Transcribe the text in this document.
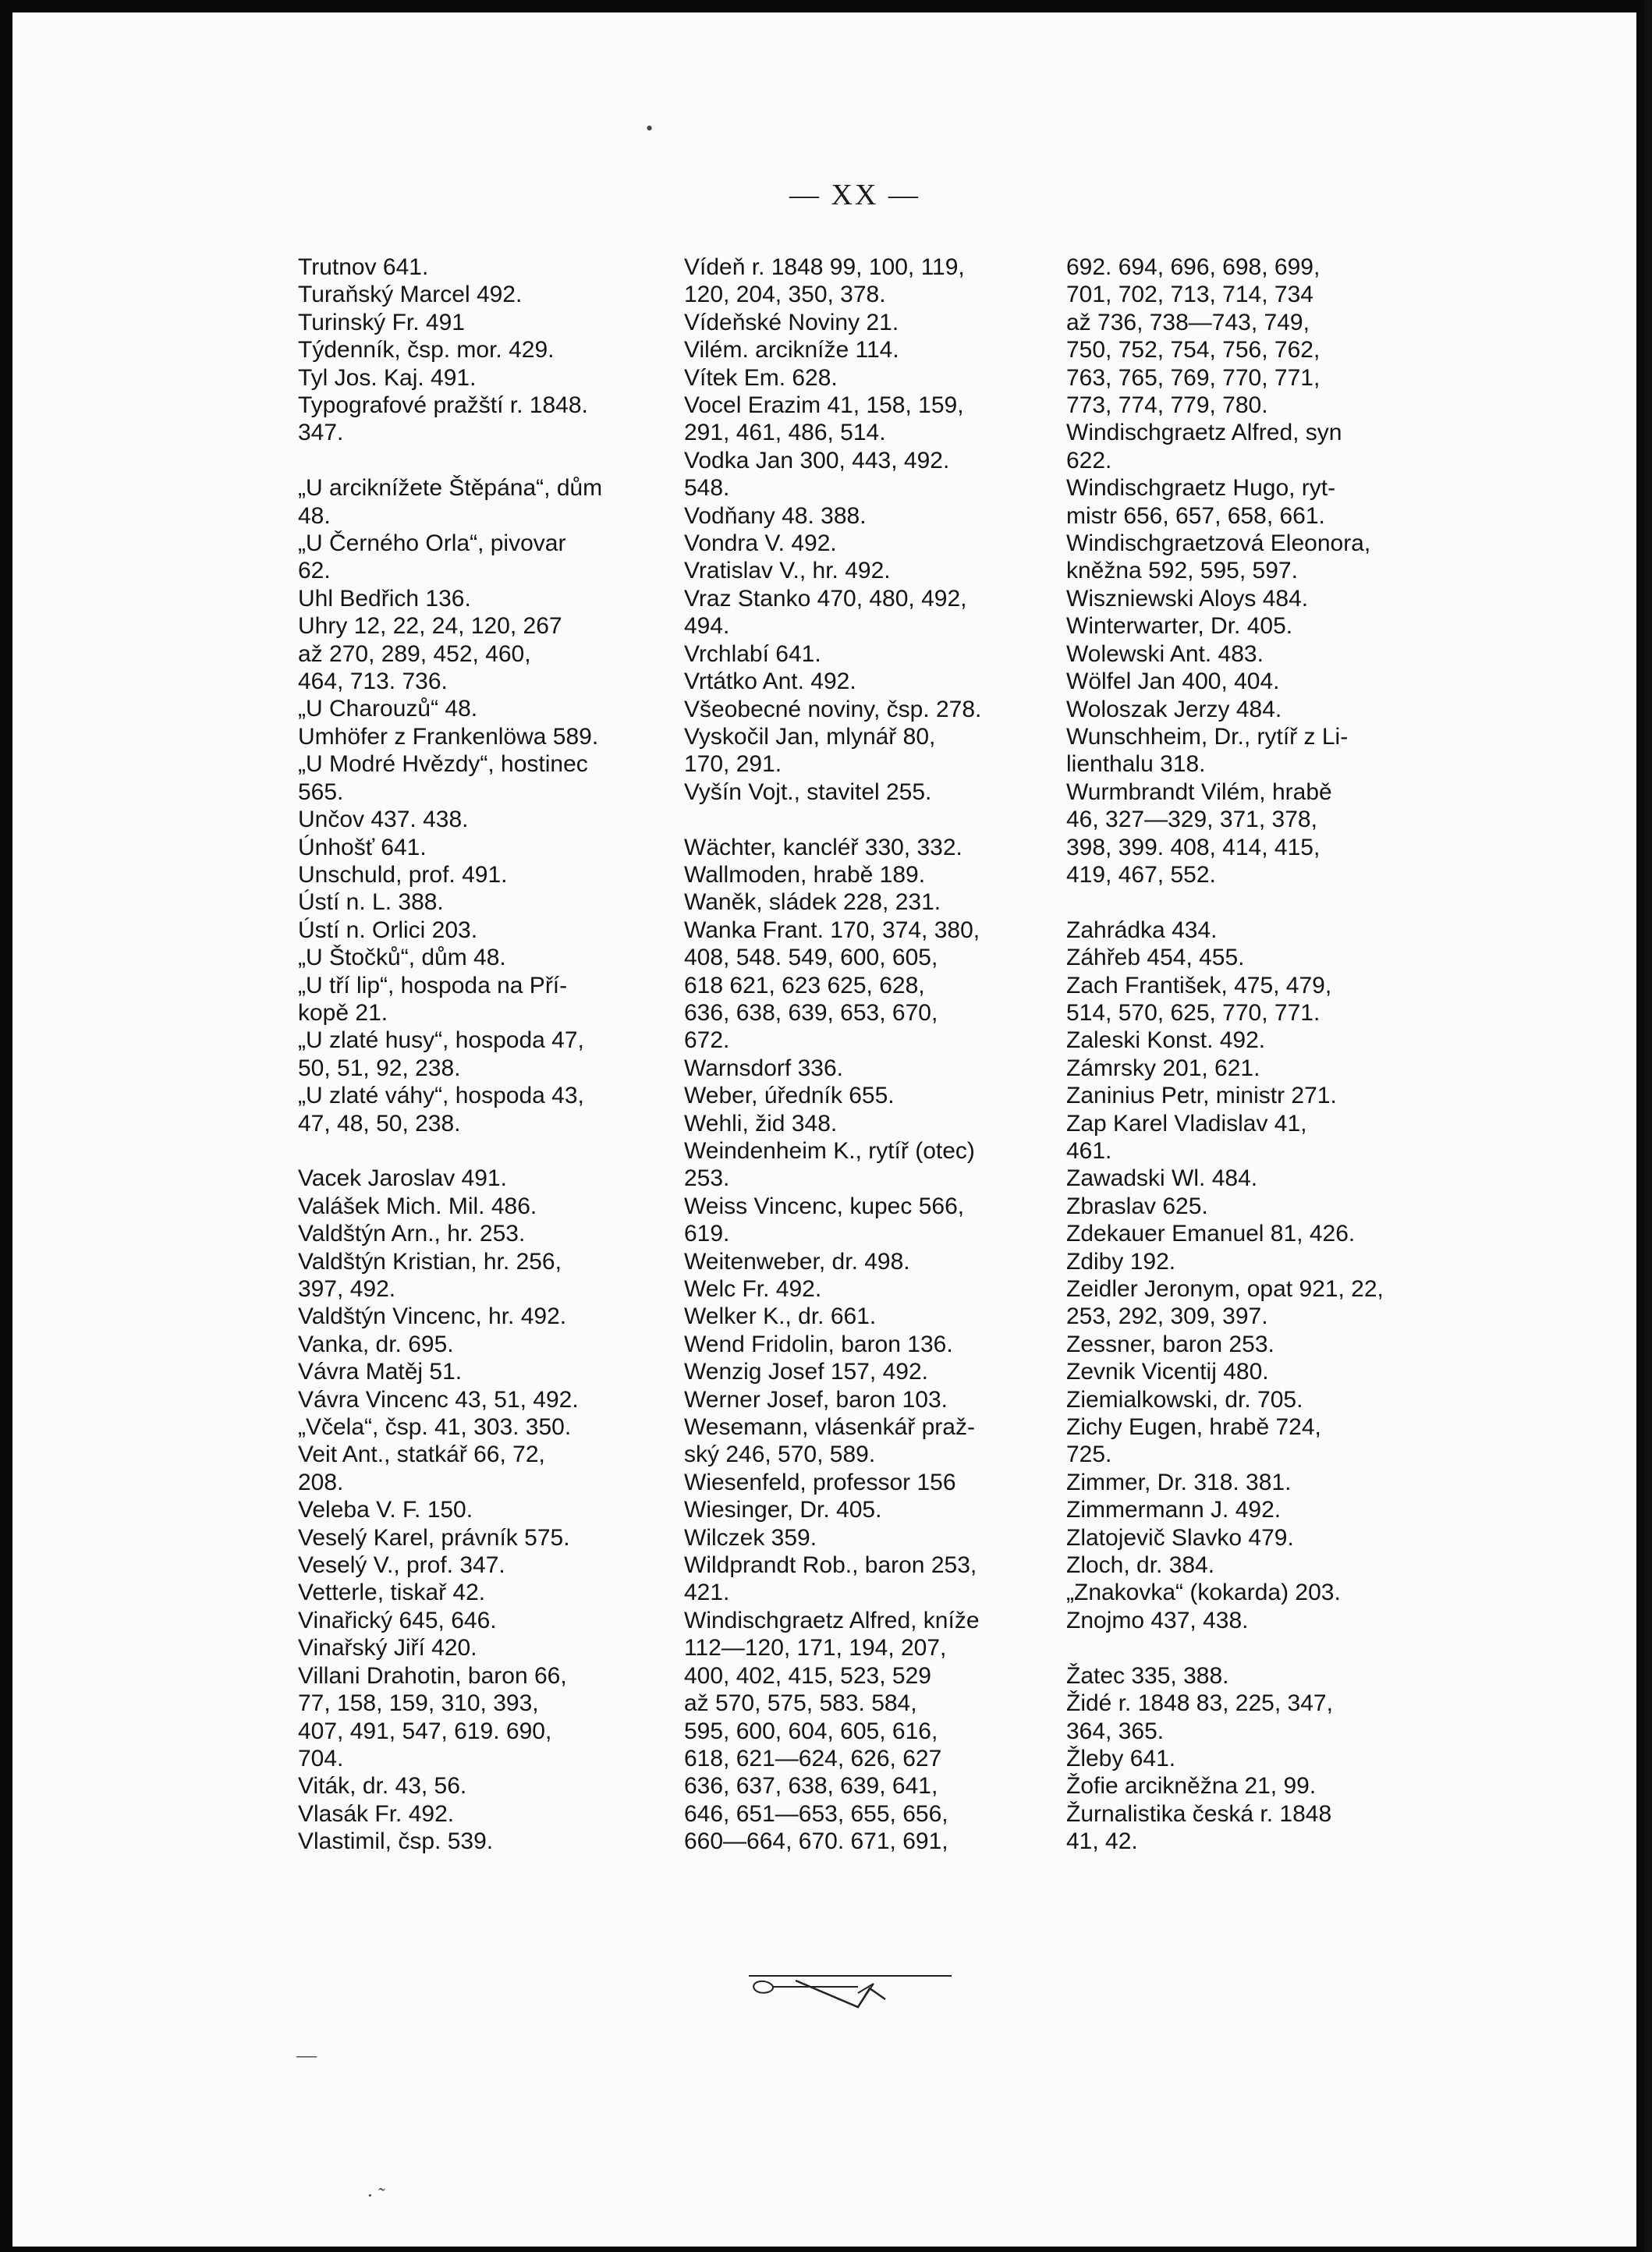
— XX —
Trutnov 641.
Turaňský Marcel 492.
Turinský Fr. 491
Týdenník, čsp. mor. 429.
Tyl Jos. Kaj. 491.
Typografové pražští r. 1848.
347.
„U arciknížete Štěpána“, dům
48.
„U Černého Orla“, pivovar
62.
Uhl Bedřich 136.
Uhry 12, 22, 24, 120, 267
až 270, 289, 452, 460,
464, 713. 736.
„U Charouzů“ 48.
Umhöfer z Frankenlöwa 589.
„U Modré Hvězdy“, hostinec
565.
Unčov 437. 438.
Únhošť 641.
Unschuld, prof. 491.
Ústí n. L. 388.
Ústí n. Orlici 203.
„U Štočků“, dům 48.
„U tří lip“, hospoda na Pří-
kopě 21.
„U zlaté husy“, hospoda 47,
50, 51, 92, 238.
„U zlaté váhy“, hospoda 43,
47, 48, 50, 238.
Vacek Jaroslav 491.
Valášek Mich. Mil. 486.
Valdštýn Arn., hr. 253.
Valdštýn Kristian, hr. 256,
397, 492.
Valdštýn Vincenc, hr. 492.
Vanka, dr. 695.
Vávra Matěj 51.
Vávra Vincenc 43, 51, 492.
„Včela“, čsp. 41, 303. 350.
Veit Ant., statkář 66, 72,
208.
Veleba V. F. 150.
Veselý Karel, právník 575.
Veselý V., prof. 347.
Vetterle, tiskař 42.
Vinařický 645, 646.
Vinařský Jiří 420.
Villani Drahotin, baron 66,
77, 158, 159, 310, 393,
407, 491, 547, 619. 690,
704.
Viták, dr. 43, 56.
Vlasák Fr. 492.
Vlastimil, čsp. 539.
Vídeň r. 1848 99, 100, 119,
120, 204, 350, 378.
Vídeňské Noviny 21.
Vilém. arcikníže 114.
Vítek Em. 628.
Vocel Erazim 41, 158, 159,
291, 461, 486, 514.
Vodka Jan 300, 443, 492.
548.
Vodňany 48. 388.
Vondra V. 492.
Vratislav V., hr. 492.
Vraz Stanko 470, 480, 492,
494.
Vrchlabí 641.
Vrtátko Ant. 492.
Všeobecné noviny, čsp. 278.
Vyskočil Jan, mlynář 80,
170, 291.
Vyšín Vojt., stavitel 255.
Wächter, kancléř 330, 332.
Wallmoden, hrabě 189.
Waněk, sládek 228, 231.
Wanka Frant. 170, 374, 380,
408, 548. 549, 600, 605,
618 621, 623 625, 628,
636, 638, 639, 653, 670,
672.
Warnsdorf 336.
Weber, úředník 655.
Wehli, žid 348.
Weindenheim K., rytíř (otec)
253.
Weiss Vincenc, kupec 566,
619.
Weitenweber, dr. 498.
Welc Fr. 492.
Welker K., dr. 661.
Wend Fridolin, baron 136.
Wenzig Josef 157, 492.
Werner Josef, baron 103.
Wesemann, vlásenkář praž-
ský 246, 570, 589.
Wiesenfeld, professor 156
Wiesinger, Dr. 405.
Wilczek 359.
Wildprandt Rob., baron 253,
421.
Windischgraetz Alfred, kníže
112—120, 171, 194, 207,
400, 402, 415, 523, 529
až 570, 575, 583. 584,
595, 600, 604, 605, 616,
618, 621—624, 626, 627
636, 637, 638, 639, 641,
646, 651—653, 655, 656,
660—664, 670. 671, 691,
692. 694, 696, 698, 699,
701, 702, 713, 714, 734
až 736, 738—743, 749,
750, 752, 754, 756, 762,
763, 765, 769, 770, 771,
773, 774, 779, 780.
Windischgraetz Alfred, syn
622.
Windischgraetz Hugo, ryt-
mistr 656, 657, 658, 661.
Windischgraetzová Eleonora,
kněžna 592, 595, 597.
Wiszniewski Aloys 484.
Winterwarter, Dr. 405.
Wolewski Ant. 483.
Wölfel Jan 400, 404.
Woloszak Jerzy 484.
Wunschheim, Dr., rytíř z Li-
lienthalu 318.
Wurmbrandt Vilém, hrabě
46, 327—329, 371, 378,
398, 399. 408, 414, 415,
419, 467, 552.
Zahrádka 434.
Záhřeb 454, 455.
Zach František, 475, 479,
514, 570, 625, 770, 771.
Zaleski Konst. 492.
Zámrsky 201, 621.
Zaninius Petr, ministr 271.
Zap Karel Vladislav 41,
461.
Zawadski Wl. 484.
Zbraslav 625.
Zdekauer Emanuel 81, 426.
Zdiby 192.
Zeidler Jeronym, opat 921, 22,
253, 292, 309, 397.
Zessner, baron 253.
Zevnik Vicentij 480.
Ziemialkowski, dr. 705.
Zichy Eugen, hrabě 724,
725.
Zimmer, Dr. 318. 381.
Zimmermann J. 492.
Zlatojevič Slavko 479.
Zloch, dr. 384.
„Znakovka“ (kokarda) 203.
Znojmo 437, 438.
Žatec 335, 388.
Židé r. 1848 83, 225, 347,
364, 365.
Žleby 641.
Žofie arcikněžna 21, 99.
Žurnalistika česká r. 1848
41, 42.
•
—
· ˜
